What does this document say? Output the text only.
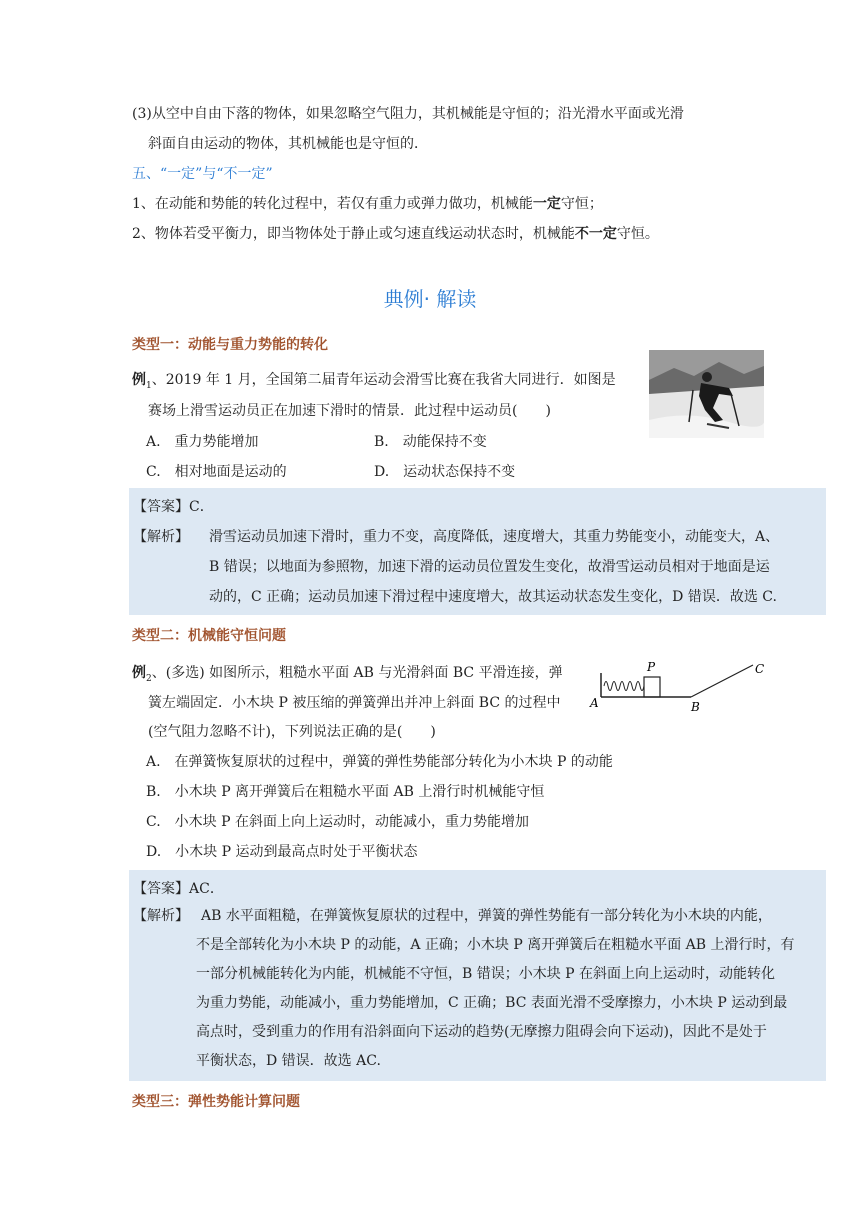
(3)从空中自由下落的物体，如果忽略空气阻力，其机械能是守恒的；沿光滑水平面或光滑
斜面自由运动的物体，其机械能也是守恒的．
五、“一定”与“不一定”
1、在动能和势能的转化过程中，若仅有重力或弹力做功，机械能一定守恒；
2、物体若受平衡力，即当物体处于静止或匀速直线运动状态时，机械能不一定守恒。
典例· 解读
类型一：动能与重力势能的转化
例$_1$、2019 年 1 月，全国第二届青年运动会滑雪比赛在我省大同进行．如图是
赛场上滑雪运动员正在加速下滑时的情景．此过程中运动员(　　)
A.　重力势能增加	B.　动能保持不变
C.　相对地面是运动的	D.　运动状态保持不变
【答案】C．
【解析】 滑雪运动员加速下滑时，重力不变，高度降低，速度增大，其重力势能变小，动能变大，A、
B 错误；以地面为参照物，加速下滑的运动员位置发生变化，故滑雪运动员相对于地面是运
动的，C 正确；运动员加速下滑过程中速度增大，故其运动状态发生变化，D 错误．故选 C.
类型二：机械能守恒问题
例$_2$、(多选) 如图所示，粗糙水平面 AB 与光滑斜面 BC 平滑连接，弹
簧左端固定．小木块 P 被压缩的弹簧弹出并冲上斜面 BC 的过程中
(空气阻力忽略不计)，下列说法正确的是(　　)
A.　在弹簧恢复原状的过程中，弹簧的弹性势能部分转化为小木块 P 的动能
B.　小木块 P 离开弹簧后在粗糙水平面 AB 上滑行时机械能守恒
C.　小木块 P 在斜面上向上运动时，动能减小，重力势能增加
D.　小木块 P 运动到最高点时处于平衡状态
P	C
A	B
【答案】AC．
【解析】 AB 水平面粗糙，在弹簧恢复原状的过程中，弹簧的弹性势能有一部分转化为小木块的内能，
不是全部转化为小木块 P 的动能，A 正确；小木块 P 离开弹簧后在粗糙水平面 AB 上滑行时，有
一部分机械能转化为内能，机械能不守恒，B 错误；小木块 P 在斜面上向上运动时，动能转化
为重力势能，动能减小，重力势能增加，C 正确；BC 表面光滑不受摩擦力，小木块 P 运动到最
高点时，受到重力的作用有沿斜面向下运动的趋势(无摩擦力阻碍会向下运动)，因此不是处于
平衡状态，D 错误．故选 AC.
类型三：弹性势能计算问题
